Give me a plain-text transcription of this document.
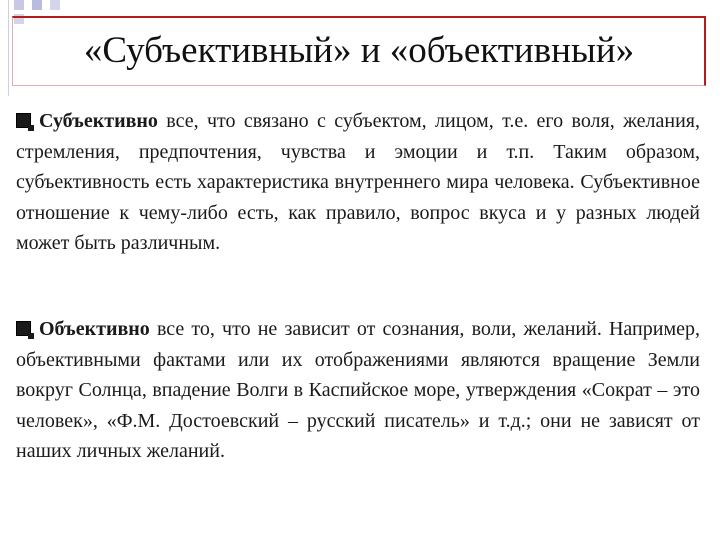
«Субъективный» и «объективный»

Субъективно все, что связано с субъектом, лицом, т.е. его воля, желания, стремления, предпочтения, чувства и эмоции и т.п. Таким образом, субъективность есть характеристика внутреннего мира человека. Субъективное отношение к чему-либо есть, как правило, вопрос вкуса и у разных людей может быть различным.

Объективно все то, что не зависит от сознания, воли, желаний. Например, объективными фактами или их отображениями являются вращение Земли вокруг Солнца, впадение Волги в Каспийское море, утверждения «Сократ – это человек», «Ф.М. Достоевский – русский писатель» и т.д.; они не зависят от наших личных желаний.
